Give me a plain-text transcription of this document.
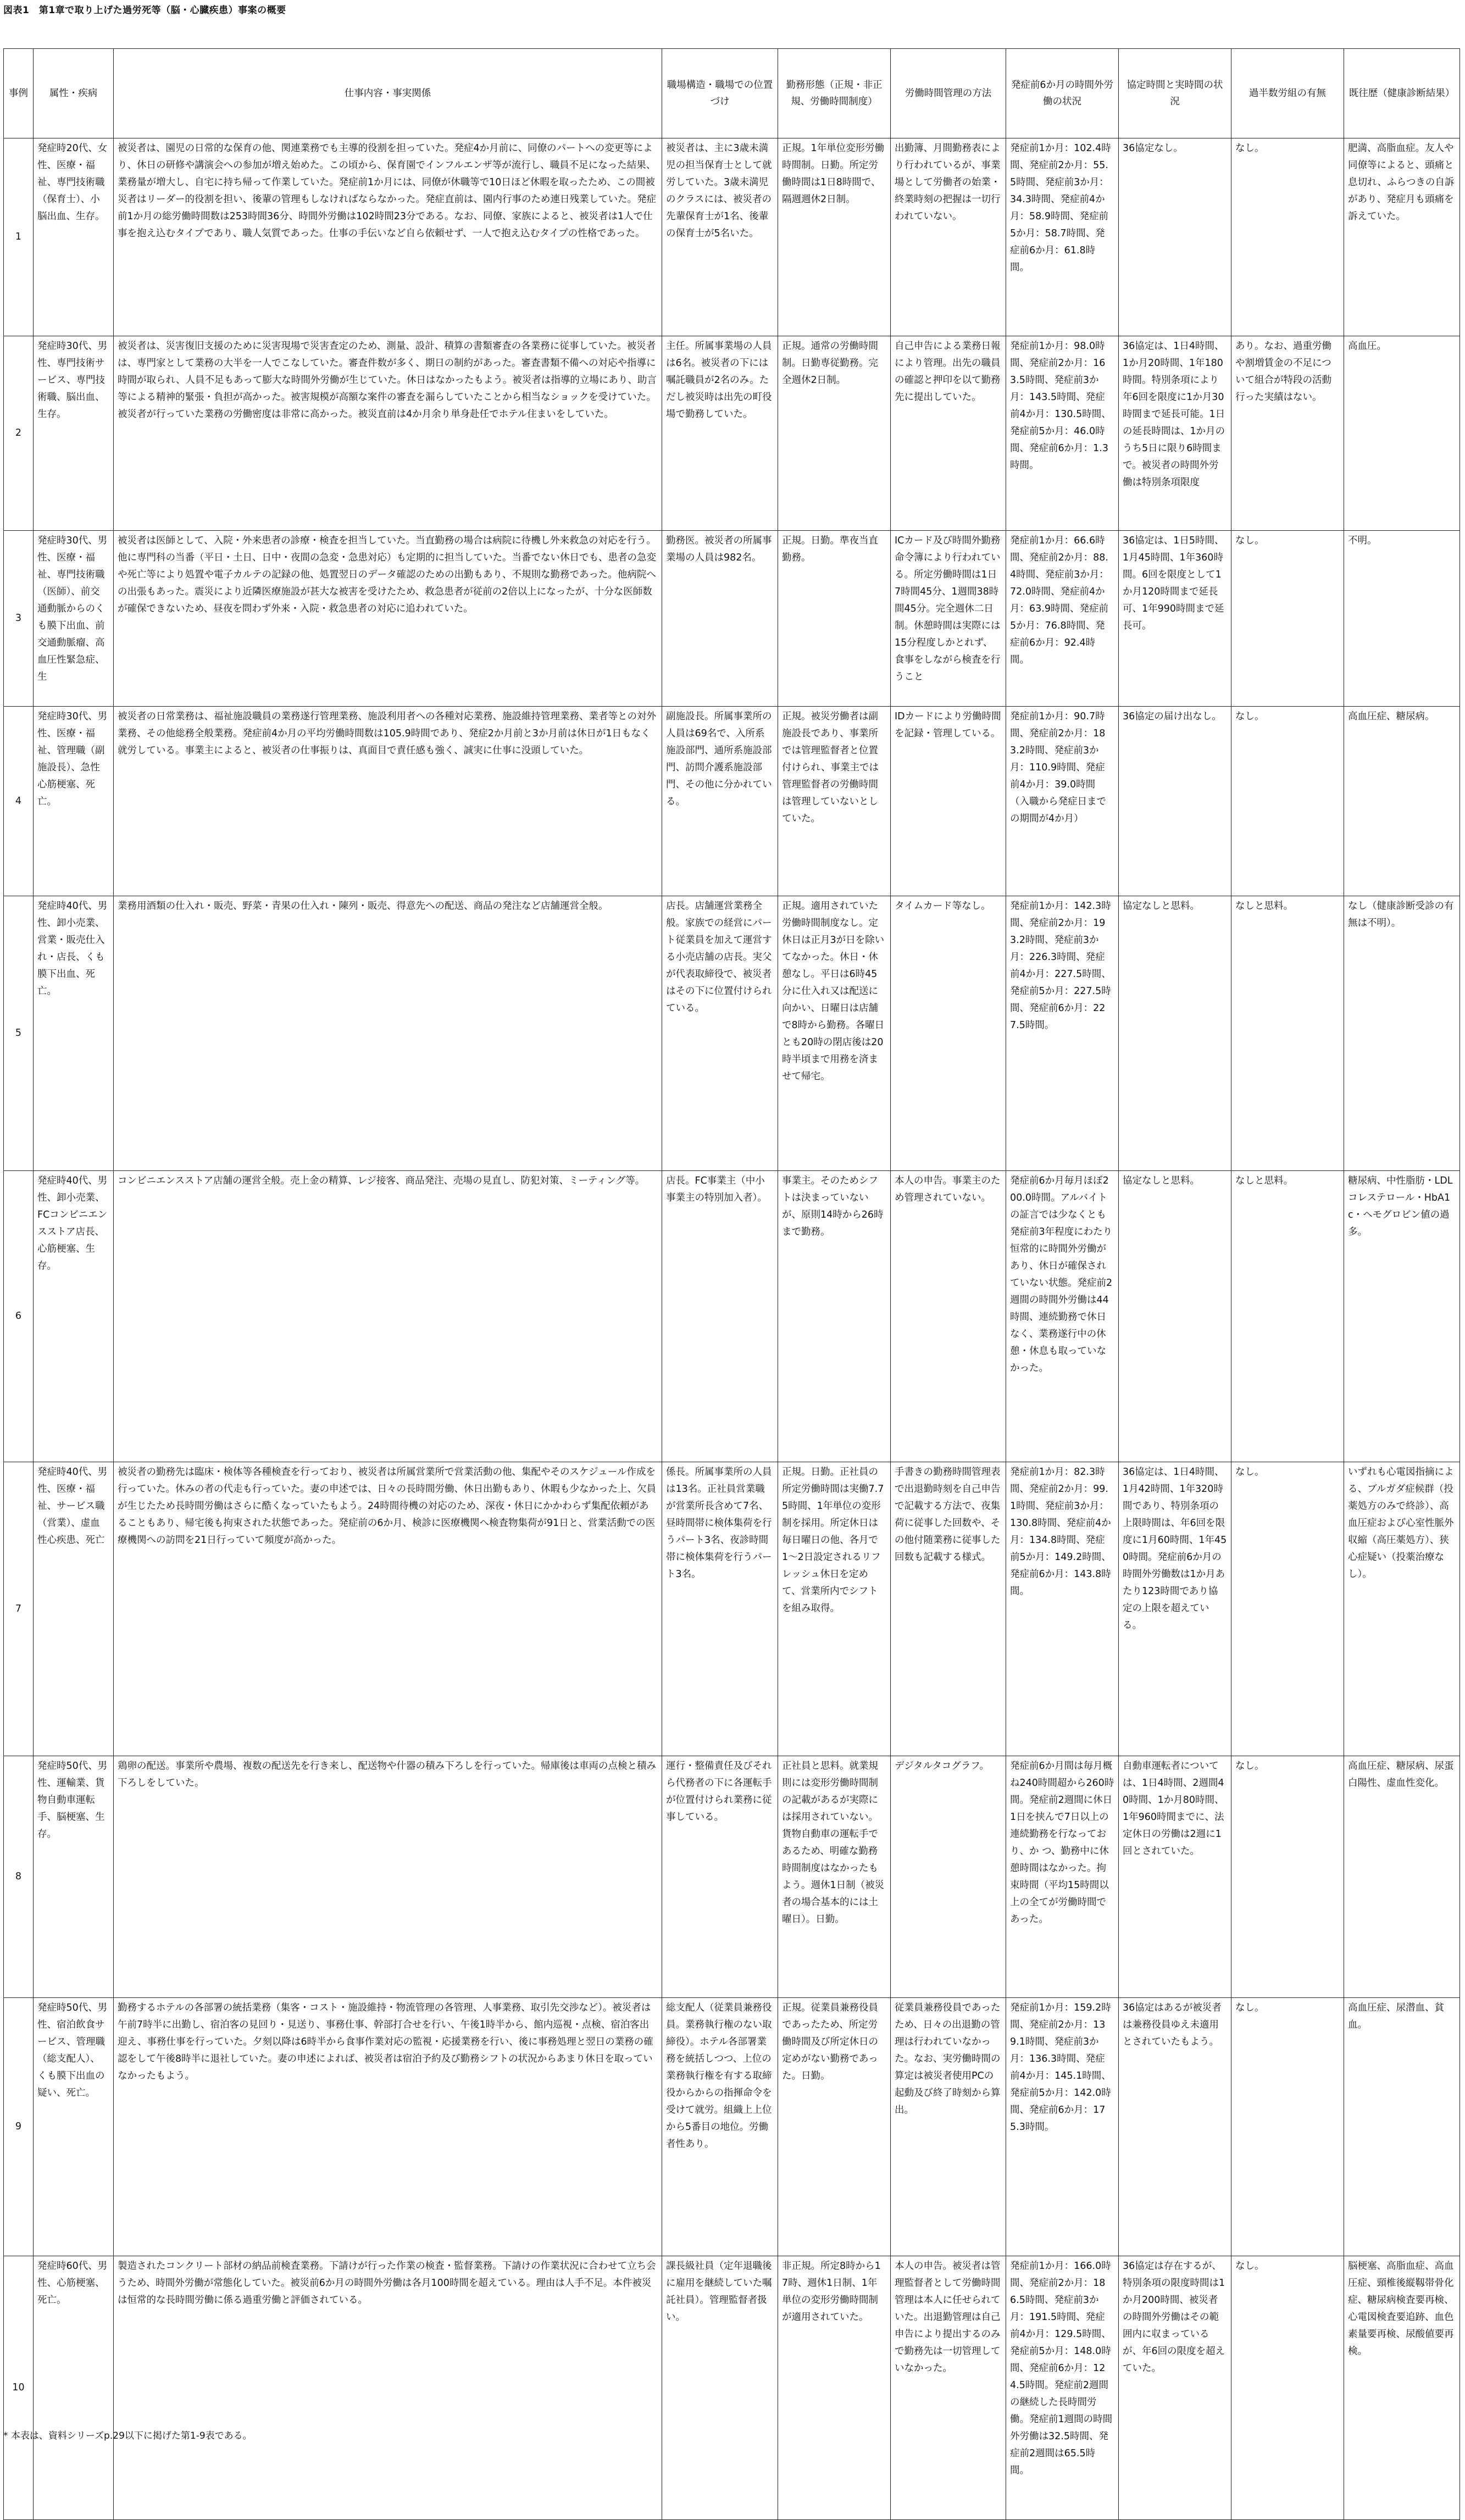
図表1　第1章で取り上げた過労死等（脳・心臓疾患）事案の概要
事例	属性・疾病	仕事内容・事実関係	職場構造・職場での位置づけ	勤務形態（正規・非正規、労働時間制度）	労働時間管理の方法	発症前6か月の時間外労働の状況	協定時間と実時間の状況	過半数労組の有無	既往歴（健康診断結果）
1	発症時20代、女性、医療・福祉、専門技術職（保育士）、小脳出血、生存。	被災者は、園児の日常的な保育の他、関連業務でも主導的役割を担っていた。発症4か月前に、同僚のパートへの変更等により、休日の研修や講演会への参加が増え始めた。この頃から、保育園でインフルエンザ等が流行し、職員不足になった結果、業務量が増大し、自宅に持ち帰って作業していた。発症前1か月には、同僚が休職等で10日ほど休暇を取ったため、この間被災者はリーダー的役割を担い、後輩の管理もしなければならなかった。発症直前は、園内行事のため連日残業していた。発症前1か月の総労働時間数は253時間36分、時間外労働は102時間23分である。なお、同僚、家族によると、被災者は1人で仕事を抱え込むタイプであり、職人気質であった。仕事の手伝いなど自ら依頼せず、一人で抱え込むタイプの性格であった。	被災者は、主に3歳未満児の担当保育士として就労していた。3歳未満児のクラスには、被災者の先輩保育士が1名、後輩の保育士が5名いた。	正規。1年単位変形労働時間制。日勤。所定労働時間は1日8時間で、隔週週休2日制。	出勤簿、月間勤務表により行われているが、事業場として労働者の始業・終業時刻の把握は一切行われていない。	発症前1か月：102.4時間、発症前2か月：55.5時間、発症前3か月：34.3時間、発症前4か月：58.9時間、発症前5か月：58.7時間、発症前6か月：61.8時間。	36協定なし。	なし。	肥満、高脂血症。友人や同僚等によると、頭痛と息切れ、ふらつきの自訴があり、発症月も頭痛を訴えていた。
2	発症時30代、男性、専門技術サービス、専門技術職、脳出血、生存。	被災者は、災害復旧支援のために災害現場で災害査定のため、測量、設計、積算の書類審査の各業務に従事していた。被災者は、専門家として業務の大半を一人でこなしていた。審査件数が多く、期日の制約があった。審査書類不備への対応や指導に時間が取られ、人員不足もあって膨大な時間外労働が生じていた。休日はなかったもよう。被災者は指導的立場にあり、助言等による精神的緊張・負担が高かった。被害規模が高額な案件の審査を漏らしていたことから相当なショックを受けていた。被災者が行っていた業務の労働密度は非常に高かった。被災直前は4か月余り単身赴任でホテル住まいをしていた。	主任。所属事業場の人員は6名。被災者の下には嘱託職員が2名のみ。ただし被災時は出先の町役場で勤務していた。	正規。通常の労働時間制。日勤専従勤務。完全週休2日制。	自己申告による業務日報により管理。出先の職員の確認と押印を以て勤務先に提出していた。	発症前1か月：98.0時間、発症前2か月：163.5時間、発症前3か月：143.5時間、発症前4か月：130.5時間、発症前5か月：46.0時間、発症前6か月：1.3時間。	36協定は、1日4時間、1か月20時間、1年180時間。特別条項により年6回を限度に1か月30時間まで延長可能。1日の延長時間は、1か月のうち5日に限り6時間まで。被災者の時間外労働は特別条項限度	あり。なお、過重労働や割増賃金の不足について組合が特段の活動行った実績はない。	高血圧。
3	発症時30代、男性、医療・福祉、専門技術職（医師）、前交通動脈からのくも膜下出血、前交通動脈瘤、高血圧性緊急症、生	被災者は医師として、入院・外来患者の診療・検査を担当していた。当直勤務の場合は病院に待機し外来救急の対応を行う。他に専門科の当番（平日・土日、日中・夜間の急変・急患対応）も定期的に担当していた。当番でない休日でも、患者の急変や死亡等により処置や電子カルテの記録の他、処置翌日のデータ確認のための出勤もあり、不規則な勤務であった。他病院への出張もあった。震災により近隣医療施設が甚大な被害を受けたため、救急患者が従前の2倍以上になったが、十分な医師数が確保できないため、昼夜を問わず外来・入院・救急患者の対応に追われていた。	勤務医。被災者の所属事業場の人員は982名。	正規。日勤。準夜当直勤務。	ICカード及び時間外勤務命令簿により行われている。所定労働時間は1日7時間45分、1週間38時間45分。完全週休二日制。休憩時間は実際には15分程度しかとれず、食事をしながら検査を行うこと	発症前1か月：66.6時間、発症前2か月：88.4時間、発症前3か月：72.0時間、発症前4か月：63.9時間、発症前5か月：76.8時間、発症前6か月：92.4時間。	36協定は、1日5時間、1月45時間、1年360時間。6回を限度として1か月120時間まで延長可、1年990時間まで延長可。	なし。	不明。
4	発症時30代、男性、医療・福祉、管理職（副施設長）、急性心筋梗塞、死亡。	被災者の日常業務は、福祉施設職員の業務遂行管理業務、施設利用者への各種対応業務、施設維持管理業務、業者等との対外業務、その他総務全般業務。発症前4か月の平均労働時間数は105.9時間であり、発症2か月前と3か月前は休日が1日もなく就労している。事業主によると、被災者の仕事振りは、真面目で責任感も強く、誠実に仕事に没頭していた。	副施設長。所属事業所の人員は69名で、入所系施設部門、通所系施設部門、訪問介護系施設部門、その他に分かれている。	正規。被災労働者は副施設長であり、事業所では管理監督者と位置付けられ、事業主では管理監督者の労働時間は管理していないとしていた。	IDカードにより労働時間を記録・管理している。	発症前1か月：90.7時間、発症前2か月：183.2時間、発症前3か月：110.9時間、発症前4か月：39.0時間（入職から発症日までの期間が4か月）	36協定の届け出なし。	なし。	高血圧症、糖尿病。
5	発症時40代、男性、卸小売業、営業・販売仕入れ・店長、くも膜下出血、死亡。	業務用酒類の仕入れ・販売、野菜・青果の仕入れ・陳列・販売、得意先への配送、商品の発注など店舗運営全般。	店長。店舗運営業務全般。家族での経営にパート従業員を加えて運営する小売店舗の店長。実父が代表取締役で、被災者はその下に位置付けられている。	正規。適用されていた労働時間制度なし。定休日は正月3が日を除いてなかった。休日・休憩なし。平日は6時45分に仕入れ又は配送に向かい、日曜日は店舗で8時から勤務。各曜日とも20時の閉店後は20時半頃まで用務を済ませて帰宅。	タイムカード等なし。	発症前1か月：142.3時間、発症前2か月：193.2時間、発症前3か月：226.3時間、発症前4か月：227.5時間、発症前5か月：227.5時間、発症前6か月：227.5時間。	協定なしと思料。	なしと思料。	なし（健康診断受診の有無は不明）。
6	発症時40代、男性、卸小売業、FCコンビニエンスストア店長、心筋梗塞、生存。	コンビニエンスストア店舗の運営全般。売上金の精算、レジ接客、商品発注、売場の見直し、防犯対策、ミーティング等。	店長。FC事業主（中小事業主の特別加入者）。	事業主。そのためシフトは決まっていないが、原則14時から26時まで勤務。	本人の申告。事業主のため管理されていない。	発症前6か月毎月ほぼ200.0時間。アルバイトの証言では少なくとも発症前3年程度にわたり恒常的に時間外労働があり、休日が確保されていない状態。発症前2週間の時間外労働は44時間、連続勤務で休日なく、業務遂行中の休憩・休息も取っていなかった。	協定なしと思料。	なしと思料。	糖尿病、中性脂肪・LDLコレステロール・HbA1c・ヘモグロビン値の過多。
7	発症時40代、男性、医療・福祉、サービス職（営業）、虚血性心疾患、死亡	被災者の勤務先は臨床・検体等各種検査を行っており、被災者は所属営業所で営業活動の他、集配やそのスケジュール作成を行っていた。休みの者の代走も行っていた。妻の申述では、日々の長時間労働、休日出勤もあり、休暇も少なかった上、欠員が生じたため長時間労働はさらに酷くなっていたもよう。24時間待機の対応のため、深夜・休日にかかわらず集配依頼があることもあり、帰宅後も拘束された状態であった。発症前の6か月、検診に医療機関へ検査物集荷が91日と、営業活動での医療機関への訪問を21日行っていて頻度が高かった。	係長。所属事業所の人員は13名。正社員営業職が営業所長含めて7名、昼時間帯に検体集荷を行うパート3名、夜診時間帯に検体集荷を行うパート3名。	正規。日勤。正社員の所定労働時間は実働7.75時間、1年単位の変形制を採用。所定休日は毎日曜日の他、各月で1〜2日設定されるリフレッシュ休日を定めて、営業所内でシフトを組み取得。	手書きの勤務時間管理表で出退勤時刻を自己申告で記載する方法で、夜集荷に従事した回数や、その他付随業務に従事した回数も記載する様式。	発症前1か月：82.3時間、発症前2か月：99.1時間、発症前3か月：130.8時間、発症前4か月：134.8時間、発症前5か月：149.2時間、発症前6か月：143.8時間。	36協定は、1日4時間、1月42時間、1年320時間であり、特別条項の上限時間は、年6回を限度に1月60時間、1年450時間。発症前6か月の時間外労働数は1か月あたり123時間であり協定の上限を超えている。	なし。	いずれも心電図指摘による、ブルガダ症候群（投薬処方のみで終診）、高血圧症および心室性脈外収縮（高圧薬処方）、狭心症疑い（投薬治療なし）。
8	発症時50代、男性、運輸業、貨物自動車運転手、脳梗塞、生存。	鶏卵の配送。事業所や農場、複数の配送先を行き来し、配送物や什器の積み下ろしを行っていた。帰庫後は車両の点検と積み下ろしをしていた。	運行・整備責任及びそれら代務者の下に各運転手が位置付けられ業務に従事している。	正社員と思料。就業規則には変形労働時間制の記載があるが実際には採用されていない。貨物自動車の運転手であるため、明確な勤務時間制度はなかったもよう。週休1日制（被災者の場合基本的には土曜日）。日勤。	デジタルタコグラフ。	発症前6か月間は毎月概ね240時間超から260時間。発症前2週間に休日1日を挟んで7日以上の連続勤務を行なっており、か つ、勤務中に休憩時間はなかった。拘束時間（平均15時間以上の全てが労働時間であった。	自動車運転者については、1日4時間、2週間40時間、1か月80時間、1年960時間までに、法定休日の労働は2週に1回とされていた。	なし。	高血圧症、糖尿病、尿蛋白陽性、虚血性変化。
9	発症時50代、男性、宿泊飲食サービス、管理職（総支配人）、くも膜下出血の疑い、死亡。	勤務するホテルの各部署の統括業務（集客・コスト・施設維持・物流管理の各管理、人事業務、取引先交渉など）。被災者は午前7時半に出勤し、宿泊客の見回り・見送り、事務仕事、幹部打合せを行い、午後1時半から、館内巡視・点検、宿泊客出迎え、事務仕事を行っていた。夕刻以降は6時半から食事作業対応の監視・応援業務を行い、後に事務処理と翌日の業務の確認をして午後8時半に退社していた。妻の申述によれば、被災者は宿泊予約及び勤務シフトの状況からあまり休日を取っていなかったもよう。	総支配人（従業員兼務役員。業務執行権のない取締役）。ホテル各部署業務を統括しつつ、上位の業務執行権を有する取締役からからの指揮命令を受けて就労。組織上上位から5番目の地位。労働者性あり。	正規。従業員兼務役員であったため、所定労働時間及び所定休日の定めがない勤務であった。日勤。	従業員兼務役員であったため、日々の出退勤の管理は行われていなかった。なお、実労働時間の算定は被災者使用PCの起動及び終了時刻から算出。	発症前1か月：159.2時間、発症前2か月：139.1時間、発症前3か月：136.3時間、発症前4か月：145.1時間、発症前5か月：142.0時間、発症前6か月：175.3時間。	36協定はあるが被災者は兼務役員ゆえ未適用とされていたもよう。	なし。	高血圧症、尿潜血、貧血。
10	発症時60代、男性、心筋梗塞、死亡。	製造されたコンクリート部材の納品前検査業務。下請けが行った作業の検査・監督業務。下請けの作業状況に合わせて立ち会うため、時間外労働が常態化していた。被災前6か月の時間外労働は各月100時間を超えている。理由は人手不足。本件被災は恒常的な長時間労働に係る過重労働と評価されている。	課長級社員（定年退職後に雇用を継続していた嘱託社員）。管理監督者扱い。	非正規。所定8時から17時、週休1日制、1年単位の変形労働時間制が適用されていた。	本人の申告。被災者は管理監督者として労働時間管理は本人に任せられていた。出退勤管理は自己申告により提出するのみで勤務先は一切管理していなかった。	発症前1か月：166.0時間、発症前2か月：186.5時間、発症前3か月：191.5時間、発症前4か月：129.5時間、発症前5か月：148.0時間、発症前6か月：124.5時間。発症前2週間の継続した長時間労働。発症前1週間の時間外労働は32.5時間、発症前2週間は65.5時間。	36協定は存在するが、特別条項の限度時間は1か月200時間、被災者の時間外労働はその範囲内に収まっているが、年6回の限度を超えていた。	なし。	脳梗塞、高脂血症、高血圧症、頸椎後縦靱帯骨化症、糖尿病検査要再検、心電図検査要追跡、血色素量要再検、尿酸値要再検。
* 本表は、資料シリーズp.29以下に掲げた第1-9表である。
